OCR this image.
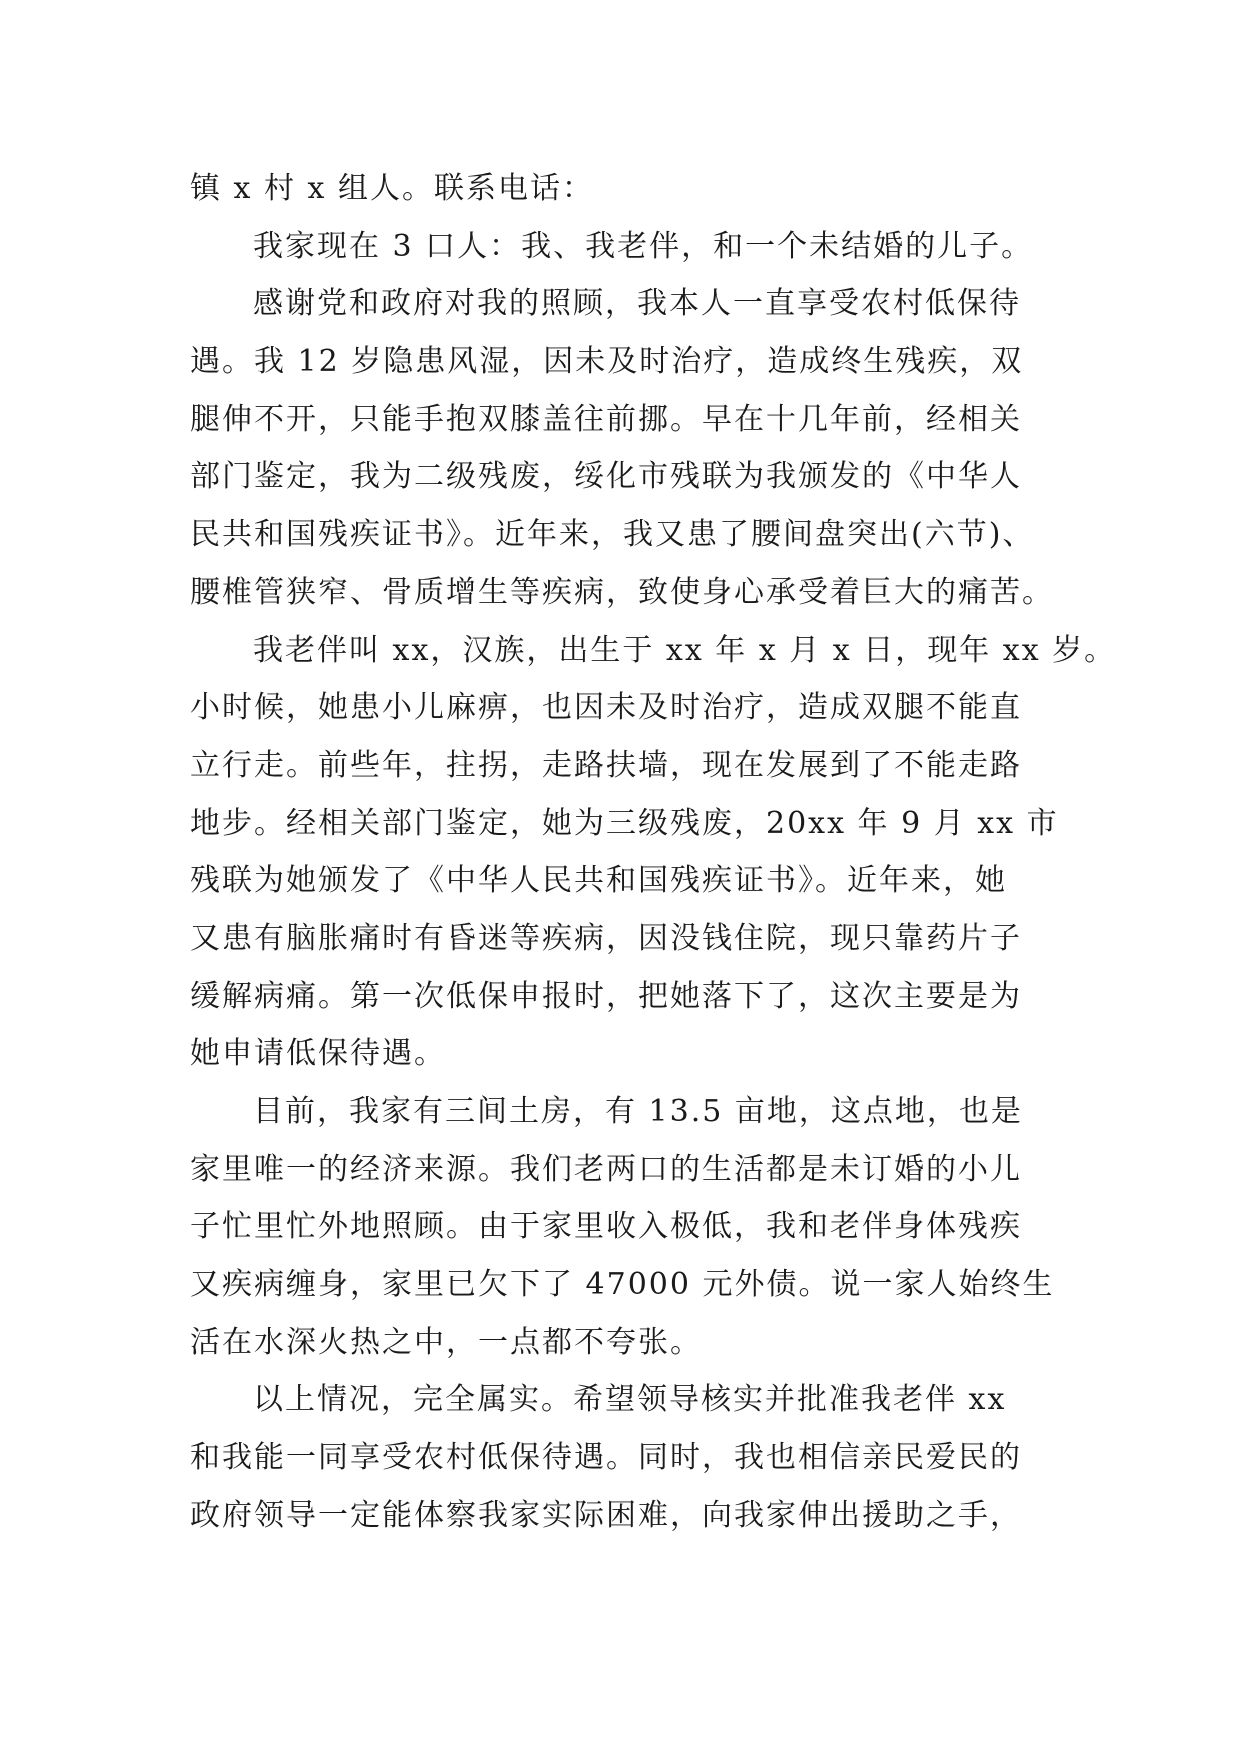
镇 x 村 x 组人。联系电话：
我家现在 3 口人：我、我老伴，和一个未结婚的儿子。
感谢党和政府对我的照顾，我本人一直享受农村低保待
遇。我 12 岁隐患风湿，因未及时治疗，造成终生残疾，双
腿伸不开，只能手抱双膝盖往前挪。早在十几年前，经相关
部门鉴定，我为二级残废，绥化市残联为我颁发的《中华人
民共和国残疾证书》。近年来，我又患了腰间盘突出(六节)、
腰椎管狭窄、骨质增生等疾病，致使身心承受着巨大的痛苦。
我老伴叫 xx，汉族，出生于 xx 年 x 月 x 日，现年 xx 岁。
小时候，她患小儿麻痹，也因未及时治疗，造成双腿不能直
立行走。前些年，拄拐，走路扶墙，现在发展到了不能走路
地步。经相关部门鉴定，她为三级残废，20xx 年 9 月 xx 市
残联为她颁发了《中华人民共和国残疾证书》。近年来，她
又患有脑胀痛时有昏迷等疾病，因没钱住院，现只靠药片子
缓解病痛。第一次低保申报时，把她落下了，这次主要是为
她申请低保待遇。
目前，我家有三间土房，有 13.5 亩地，这点地，也是
家里唯一的经济来源。我们老两口的生活都是未订婚的小儿
子忙里忙外地照顾。由于家里收入极低，我和老伴身体残疾
又疾病缠身，家里已欠下了 47000 元外债。说一家人始终生
活在水深火热之中，一点都不夸张。
以上情况，完全属实。希望领导核实并批准我老伴 xx
和我能一同享受农村低保待遇。同时，我也相信亲民爱民的
政府领导一定能体察我家实际困难，向我家伸出援助之手，
